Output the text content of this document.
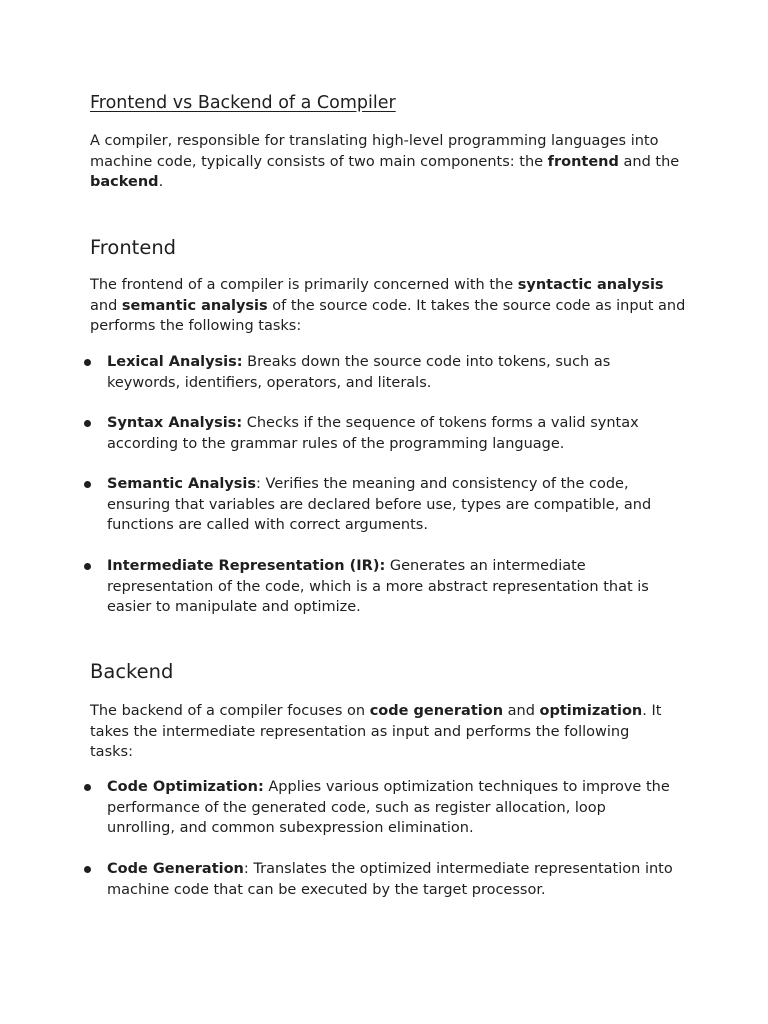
Frontend vs Backend of a Compiler

A compiler, responsible for translating high-level programming languages into machine code, typically consists of two main components: the frontend and the backend.

Frontend

The frontend of a compiler is primarily concerned with the syntactic analysis and semantic analysis of the source code. It takes the source code as input and performs the following tasks:

Lexical Analysis: Breaks down the source code into tokens, such as keywords, identifiers, operators, and literals.
Syntax Analysis: Checks if the sequence of tokens forms a valid syntax according to the grammar rules of the programming language.
Semantic Analysis: Verifies the meaning and consistency of the code, ensuring that variables are declared before use, types are compatible, and functions are called with correct arguments.
Intermediate Representation (IR): Generates an intermediate representation of the code, which is a more abstract representation that is easier to manipulate and optimize.
Backend

The backend of a compiler focuses on code generation and optimization. It takes the intermediate representation as input and performs the following tasks:

Code Optimization: Applies various optimization techniques to improve the performance of the generated code, such as register allocation, loop unrolling, and common subexpression elimination.
Code Generation: Translates the optimized intermediate representation into machine code that can be executed by the target processor.
